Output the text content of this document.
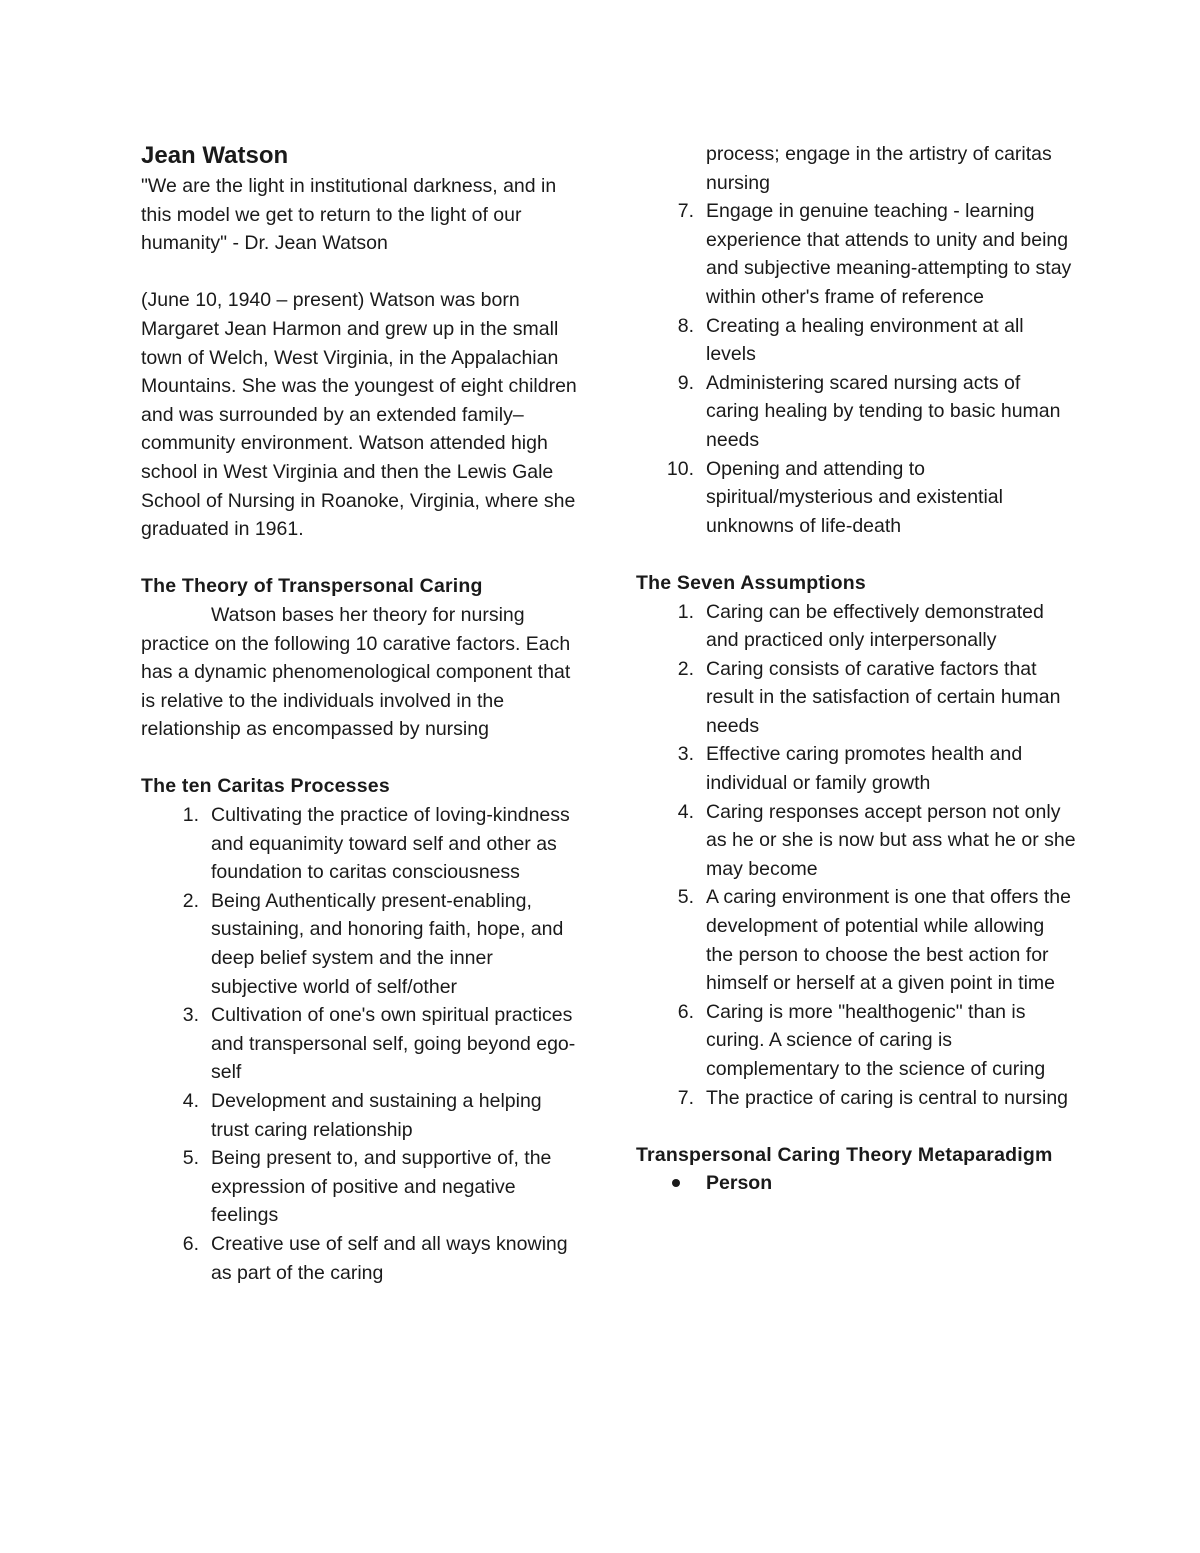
Jean Watson

"We are the light in institutional darkness, and in this model we get to return to the light of our humanity" - Dr. Jean Watson

(June 10, 1940 – present) Watson was born Margaret Jean Harmon and grew up in the small town of Welch, West Virginia, in the Appalachian Mountains. She was the youngest of eight children and was surrounded by an extended family–community environment. Watson attended high school in West Virginia and then the Lewis Gale School of Nursing in Roanoke, Virginia, where she graduated in 1961.

The Theory of Transpersonal Caring

Watson bases her theory for nursing practice on the following 10 carative factors. Each has a dynamic phenomenological component that is relative to the individuals involved in the relationship as encompassed by nursing

The ten Caritas Processes

1. Cultivating the practice of loving-kindness and equanimity toward self and other as foundation to caritas consciousness
2. Being Authentically present-enabling, sustaining, and honoring faith, hope, and deep belief system and the inner subjective world of self/other
3. Cultivation of one's own spiritual practices and transpersonal self, going beyond ego-self
4. Development and sustaining a helping trust caring relationship
5. Being present to, and supportive of, the expression of positive and negative feelings
6. Creative use of self and all ways knowing as part of the caring

process; engage in the artistry of caritas nursing

7. Engage in genuine teaching - learning experience that attends to unity and being and subjective meaning-attempting to stay within other's frame of reference
8. Creating a healing environment at all levels
9. Administering scared nursing acts of caring healing by tending to basic human needs
10. Opening and attending to spiritual/mysterious and existential unknowns of life-death

The Seven Assumptions

1. Caring can be effectively demonstrated and practiced only interpersonally
2. Caring consists of carative factors that result in the satisfaction of certain human needs
3. Effective caring promotes health and individual or family growth
4. Caring responses accept person not only as he or she is now but ass what he or she may become
5. A caring environment is one that offers the development of potential while allowing the person to choose the best action for himself or herself at a given point in time
6. Caring is more "healthogenic" than is curing. A science of caring is complementary to the science of curing
7. The practice of caring is central to nursing

Transpersonal Caring Theory Metaparadigm

Person
